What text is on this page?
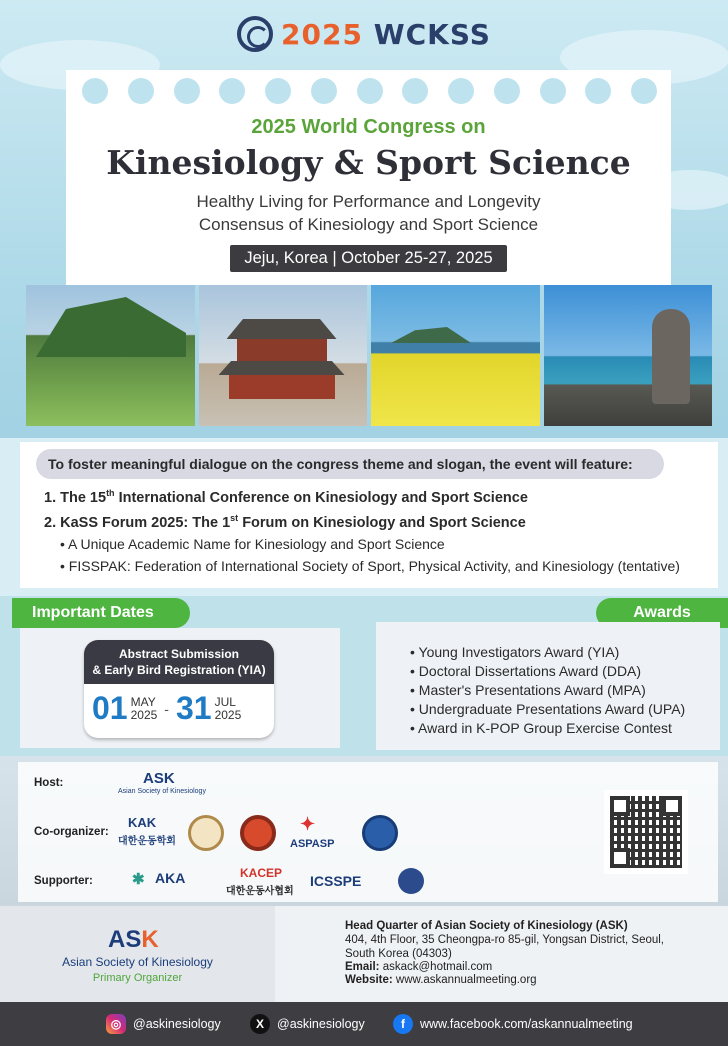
2025 WCKSS
2025 World Congress on
Kinesiology & Sport Science
Healthy Living for Performance and Longevity
Consensus of Kinesiology and Sport Science
Jeju, Korea | October 25-27, 2025
To foster meaningful dialogue on the congress theme and slogan, the event will feature:
1. The 15th International Conference on Kinesiology and Sport Science
2. KaSS Forum 2025: The 1st Forum on Kinesiology and Sport Science
• A Unique Academic Name for Kinesiology and Sport Science
• FISSPAK: Federation of International Society of Sport, Physical Activity, and Kinesiology (tentative)
Important Dates	Awards
Abstract Submission
& Early Bird Registration (YIA)
01 MAY
2025 - 31 JUL
2025
• Young Investigators Award (YIA)
• Doctoral Dissertations Award (DDA)
• Master's Presentations Award (MPA)
• Undergraduate Presentations Award (UPA)
• Award in K-POP Group Exercise Contest
Host:
Co-organizer:
Supporter:
ASK
Asian Society of Kinesiology
KAK
대한운동학회	ASPASP
✦
✱ AKA	KACEP
대한운동사협회
ICSSPE
ASK
Asian Society of Kinesiology
Primary Organizer
Head Quarter of Asian Society of Kinesiology (ASK)
404, 4th Floor, 35 Cheongpa-ro 85-gil, Yongsan District, Seoul,
South Korea (04303)
Email: askack@hotmail.com
Website: www.askannualmeeting.org
◎ @askinesiology	X	@askinesiology	f	www.facebook.com/askannualmeeting
